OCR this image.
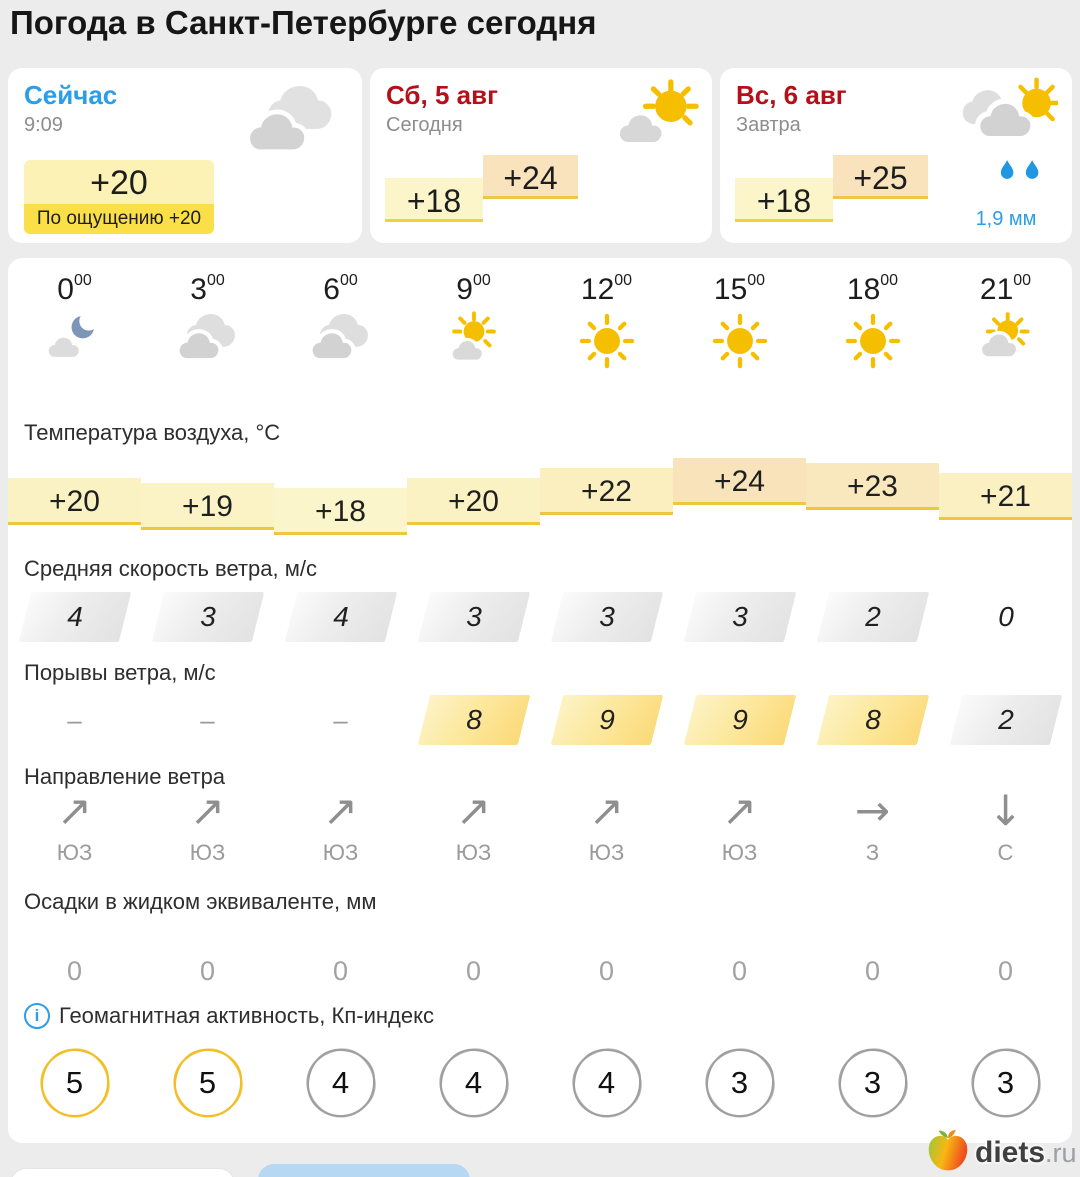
Погода в Санкт-Петербурге сегодня
Сейчас
9:09
+20
По ощущению +20
Сб, 5 авг
Сегодня
+18
+24
Вс, 6 авг
Завтра
+18
+25
1,9 мм
$0^{00}$	$3^{00}$	$6^{00}$	$9^{00}$	$12^{00}$	$15^{00}$	$18^{00}$	$21^{00}$
Температура воздуха, °C
+20	+19	+18	+20	+22	+24	+23	+21
Средняя скорость ветра, м/с
4	3	4	3	3	3	2	0
Порывы ветра, м/с
–	–	–	8	9	9	8	2
Направление ветра
↗	↗	↗	↗	↗	↗	→	↓
ЮЗ	ЮЗ	ЮЗ	ЮЗ	ЮЗ	ЮЗ	З	С
Осадки в жидком эквиваленте, мм
0	0	0	0	0	0	0	0
i Геомагнитная активность, Кп-индекс
5	5	4	4	4	3	3	3
diets .ru
